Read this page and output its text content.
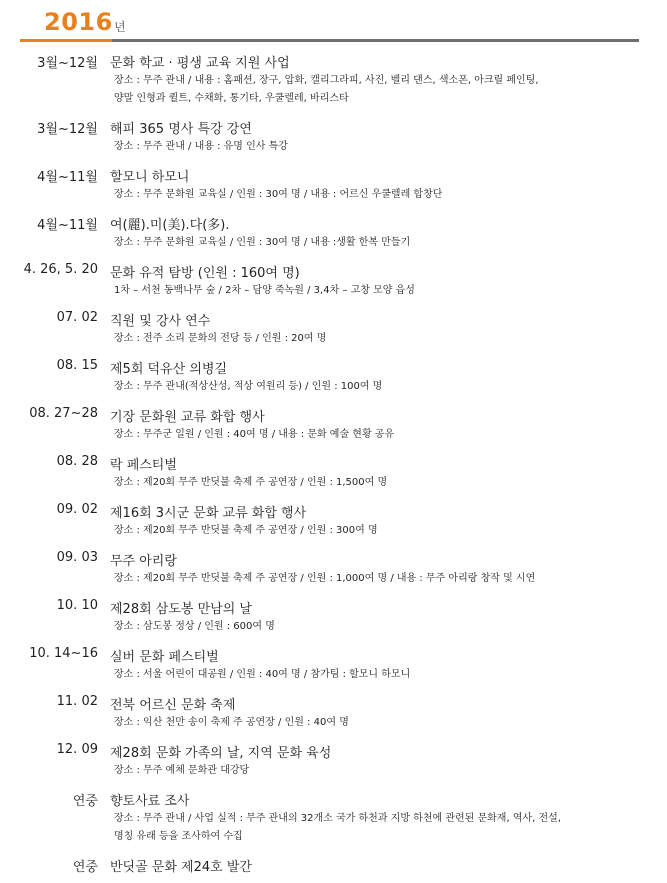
2016 년
3월~12월 문화 학교 · 평생 교육 지원 사업
장소 : 무주 관내 / 내용 : 홈패션, 장구, 압화, 캘리그라피, 사진, 벨리 댄스, 색소폰, 아크릴 페인팅,
양말 인형과 퀼트, 수채화, 통기타, 우쿨렐레, 바리스타
3월~12월 해피 365 명사 특강 강연
장소 : 무주 관내 / 내용 : 유명 인사 특강
4월~11월 할모니 하모니
장소 : 무주 문화원 교육실 / 인원 : 30여 명 / 내용 : 어르신 우쿨렐레 합창단
4월~11월 여(麗).미(美).다(多).
장소 : 무주 문화원 교육실 / 인원 : 30여 명 / 내용 :생활 한복 만들기
4. 26, 5. 20 문화 유적 탐방 (인원 : 160여 명)
1차 – 서천 동백나무 숲 / 2차 – 담양 죽녹원 / 3,4차 – 고창 모양 읍성
07. 02 직원 및 강사 연수
장소 : 전주 소리 문화의 전당 등 / 인원 : 20여 명
08. 15 제5회 덕유산 의병길
장소 : 무주 관내(적상산성, 적상 여원리 등) / 인원 : 100여 명
08. 27~28 기장 문화원 교류 화합 행사
장소 : 무주군 일원 / 인원 : 40여 명 / 내용 : 문화 예술 현황 공유
08. 28 락 페스티벌
장소 : 제20회 무주 반딧불 축제 주 공연장 / 인원 : 1,500여 명
09. 02 제16회 3시군 문화 교류 화합 행사
장소 : 제20회 무주 반딧불 축제 주 공연장 / 인원 : 300여 명
09. 03 무주 아리랑
장소 : 제20회 무주 반딧불 축제 주 공연장 / 인원 : 1,000여 명 / 내용 : 무주 아리랑 창작 및 시연
10. 10 제28회 삼도봉 만남의 날
장소 : 삼도봉 정상 / 인원 : 600여 명
10. 14~16 실버 문화 페스티벌
장소 : 서울 어린이 대공원 / 인원 : 40여 명 / 참가팀 : 할모니 하모니
11. 02 전북 어르신 문화 축제
장소 : 익산 천만 송이 축제 주 공연장 / 인원 : 40여 명
12. 09 제28회 문화 가족의 날, 지역 문화 육성
장소 : 무주 예체 문화관 대강당
연중 향토사료 조사
장소 : 무주 관내 / 사업 실적 : 무주 관내의 32개소 국가 하천과 지방 하천에 관련된 문화재, 역사, 전설,
명칭 유래 등을 조사하여 수집
연중 반딧골 문화 제24호 발간
